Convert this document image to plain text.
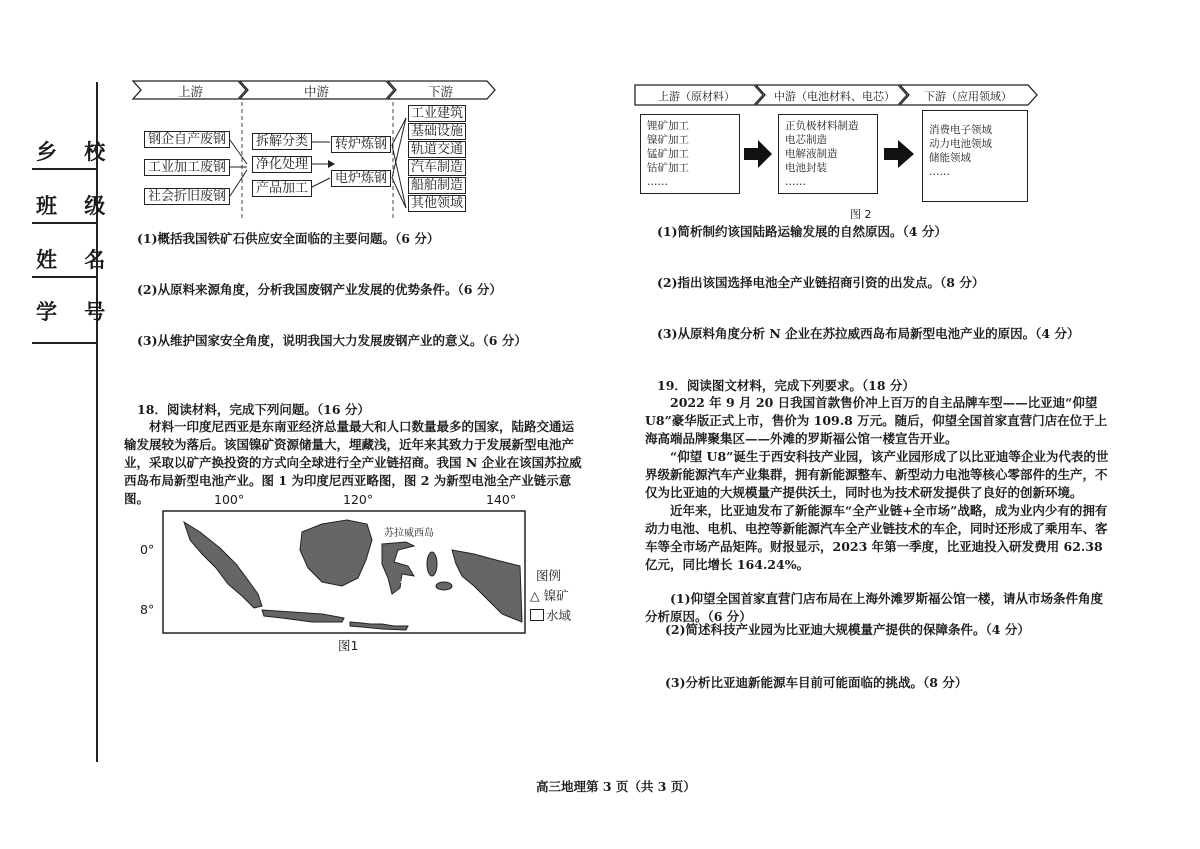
乡 校
班 级
姓 名
学 号
上游	中游	下游
钢企自产废钢
工业加工废钢
社会折旧废钢
拆解分类
净化处理
产品加工
转炉炼钢
电炉炼钢
工业建筑
基础设施
轨道交通
汽车制造
船舶制造
其他领域
(1)概括我国铁矿石供应安全面临的主要问题。（6 分）
(2)从原料来源角度，分析我国废钢产业发展的优势条件。（6 分）
(3)从维护国家安全角度，说明我国大力发展废钢产业的意义。（6 分）
18．阅读材料，完成下列问题。（16 分）

材料一印度尼西亚是东南亚经济总量最大和人口数量最多的国家，陆路交通运输发展较为落后。该国镍矿资源储量大，埋藏浅，近年来其致力于发展新型电池产业，采取以矿产换投资的方式向全球进行全产业链招商。我国 N 企业在该国苏拉威西岛布局新型电池产业。图 1 为印度尼西亚略图，图 2 为新型电池全产业链示意图。	100°	120°	140°
0°
8°
△
苏拉威西岛
图例
△ 镍矿
水域
图1
上游（原材料）	中游（电池材料、电芯）	下游（应用领域）
锂矿加工
镍矿加工
锰矿加工
钴矿加工
……
正负极材料制造
电芯制造
电解液制造
电池封装
……
消费电子领域
动力电池领域
储能领域
……
图 2
(1)简析制约该国陆路运输发展的自然原因。（4 分）
(2)指出该国选择电池全产业链招商引资的出发点。（8 分）
(3)从原料角度分析 N 企业在苏拉威西岛布局新型电池产业的原因。（4 分）
19．阅读图文材料，完成下列要求。（18 分）

2022 年 9 月 20 日我国首款售价冲上百万的自主品牌车型——比亚迪“仰望 U8”豪华版正式上市，售价为 109.8 万元。随后，仰望全国首家直营门店在位于上海高端品牌聚集区——外滩的罗斯福公馆一楼宣告开业。

“仰望 U8”诞生于西安科技产业园，该产业园形成了以比亚迪等企业为代表的世界级新能源汽车产业集群，拥有新能源整车、新型动力电池等核心零部件的生产，不仅为比亚迪的大规模量产提供沃土，同时也为技术研发提供了良好的创新环境。

近年来，比亚迪发布了新能源车“全产业链+全市场”战略，成为业内少有的拥有动力电池、电机、电控等新能源汽车全产业链技术的车企，同时还形成了乘用车、客车等全市场产品矩阵。财报显示，2023 年第一季度，比亚迪投入研发费用 62.38 亿元，同比增长 164.24%。

(1)仰望全国首家直营门店布局在上海外滩罗斯福公馆一楼，请从市场条件角度分析原因。（6 分）

(2)简述科技产业园为比亚迪大规模量产提供的保障条件。（4 分）
(3)分析比亚迪新能源车目前可能面临的挑战。（8 分）
高三地理第 3 页（共 3 页）
